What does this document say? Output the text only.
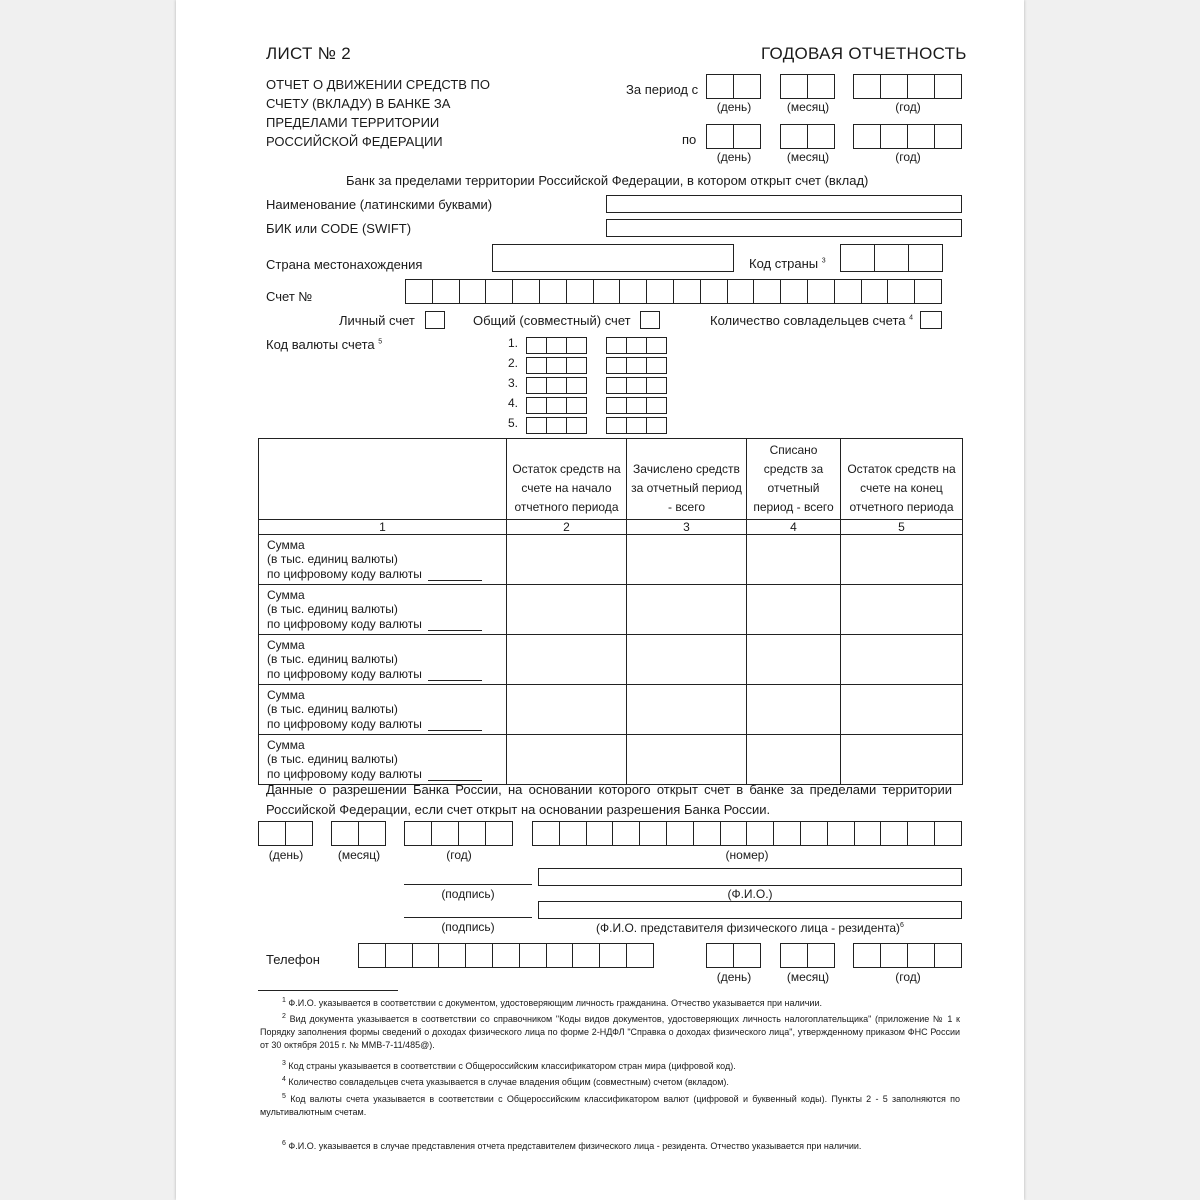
ЛИСТ № 2	ГОДОВАЯ ОТЧЕТНОСТЬ
ОТЧЕТ О ДВИЖЕНИИ СРЕДСТВ ПО
СЧЕТУ (ВКЛАДУ) В БАНКЕ ЗА
ПРЕДЕЛАМИ ТЕРРИТОРИИ
РОССИЙСКОЙ ФЕДЕРАЦИИ
За период с
(день)	(месяц)	(год)
по
(день)	(месяц)	(год)
Банк за пределами территории Российской Федерации, в котором открыт счет (вклад)
Наименование (латинскими буквами)
БИК или CODE (SWIFT)
Страна местонахождения	Код страны $^3$
Счет №
Личный счет	Общий (совместный) счет	Количество совладельцев счета $^4$
Код валюты счета $^5$	1.
2.
3.
4.
5.
	Остаток средств на счете на начало отчетного периода	Зачислено средств за отчетный период - всего	Списано средств за отчетный период - всего	Остаток средств на счете на конец отчетного периода
1	2	3	4	5

Сумма
(в тыс. единиц валюты)
по цифровому коду валюты				

Сумма
(в тыс. единиц валюты)
по цифровому коду валюты				

Сумма
(в тыс. единиц валюты)
по цифровому коду валюты				

Сумма
(в тыс. единиц валюты)
по цифровому коду валюты				

Сумма
(в тыс. единиц валюты)
по цифровому коду валюты				

Данные о разрешении Банка России, на основании которого открыт счет в банке за пределами территории Российской Федерации, если счет открыт на основании разрешения Банка России.
(день)	(месяц)	(год)	(номер)
(подпись)	(Ф.И.О.)
(подпись)	(Ф.И.О. представителя физического лица - резидента)$^6$
Телефон
(день)	(месяц)	(год)
$^1$ Ф.И.О. указывается в соответствии с документом, удостоверяющим личность гражданина. Отчество указывается при наличии.
$^2$ Вид документа указывается в соответствии со справочником "Коды видов документов, удостоверяющих личность налогоплательщика" (приложение № 1 к Порядку заполнения формы сведений о доходах физического лица по форме 2-НДФЛ "Справка о доходах физического лица", утвержденному приказом ФНС России от 30 октября 2015 г. № ММВ-7-11/485@).
$^3$ Код страны указывается в соответствии с Общероссийским классификатором стран мира (цифровой код).
$^4$ Количество совладельцев счета указывается в случае владения общим (совместным) счетом (вкладом).
$^5$ Код валюты счета указывается в соответствии с Общероссийским классификатором валют (цифровой и буквенный коды). Пункты 2 - 5 заполняются по мультивалютным счетам.
$^6$ Ф.И.О. указывается в случае представления отчета представителем физического лица - резидента. Отчество указывается при наличии.
